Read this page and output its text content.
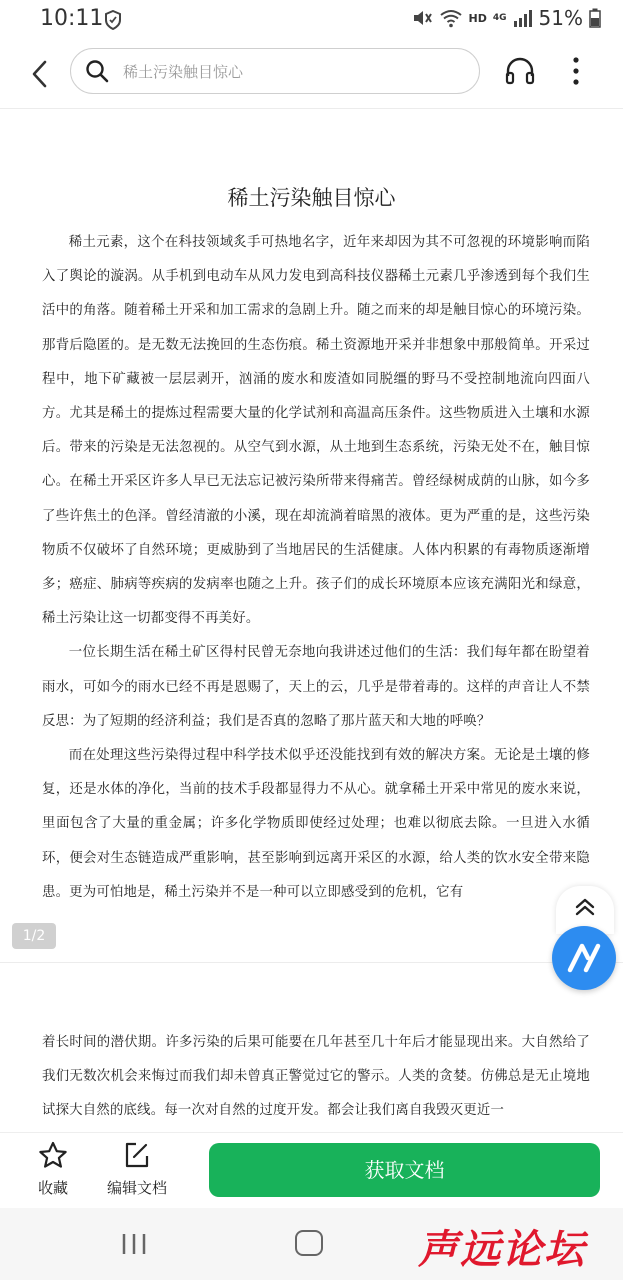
10:11	HD 4G 51%
稀土污染触目惊心
稀土污染触目惊心

稀土元素，这个在科技领域炙手可热地名字，近年来却因为其不可忽视的环境影响而陷入了舆论的漩涡。从手机到电动车从风力发电到高科技仪器稀土元素几乎渗透到每个我们生活中的角落。随着稀土开采和加工需求的急剧上升。随之而来的却是触目惊心的环境污染。那背后隐匿的。是无数无法挽回的生态伤痕。稀土资源地开采并非想象中那般简单。开采过程中，地下矿藏被一层层剥开，汹涌的废水和废渣如同脱缰的野马不受控制地流向四面八方。尤其是稀土的提炼过程需要大量的化学试剂和高温高压条件。这些物质进入土壤和水源后。带来的污染是无法忽视的。从空气到水源，从土地到生态系统，污染无处不在，触目惊心。在稀土开采区许多人早已无法忘记被污染所带来得痛苦。曾经绿树成荫的山脉，如今多了些许焦土的色泽。曾经清澈的小溪，现在却流淌着暗黑的液体。更为严重的是，这些污染物质不仅破坏了自然环境；更威胁到了当地居民的生活健康。人体内积累的有毒物质逐渐增多；癌症、肺病等疾病的发病率也随之上升。孩子们的成长环境原本应该充满阳光和绿意，稀土污染让这一切都变得不再美好。

一位长期生活在稀土矿区得村民曾无奈地向我讲述过他们的生活：我们每年都在盼望着雨水，可如今的雨水已经不再是恩赐了，天上的云，几乎是带着毒的。这样的声音让人不禁反思：为了短期的经济利益；我们是否真的忽略了那片蓝天和大地的呼唤？

而在处理这些污染得过程中科学技术似乎还没能找到有效的解决方案。无论是土壤的修复，还是水体的净化，当前的技术手段都显得力不从心。就拿稀土开采中常见的废水来说，里面包含了大量的重金属；许多化学物质即使经过处理；也难以彻底去除。一旦进入水循环，便会对生态链造成严重影响，甚至影响到远离开采区的水源，给人类的饮水安全带来隐患。更为可怕地是，稀土污染并不是一种可以立即感受到的危机，它有

1/2

着长时间的潜伏期。许多污染的后果可能要在几年甚至几十年后才能显现出来。大自然给了我们无数次机会来悔过而我们却未曾真正警觉过它的警示。人类的贪婪。仿佛总是无止境地试探大自然的底线。每一次对自然的过度开发。都会让我们离自我毁灭更近一

收藏	编辑文档
获取文档
声远论坛
